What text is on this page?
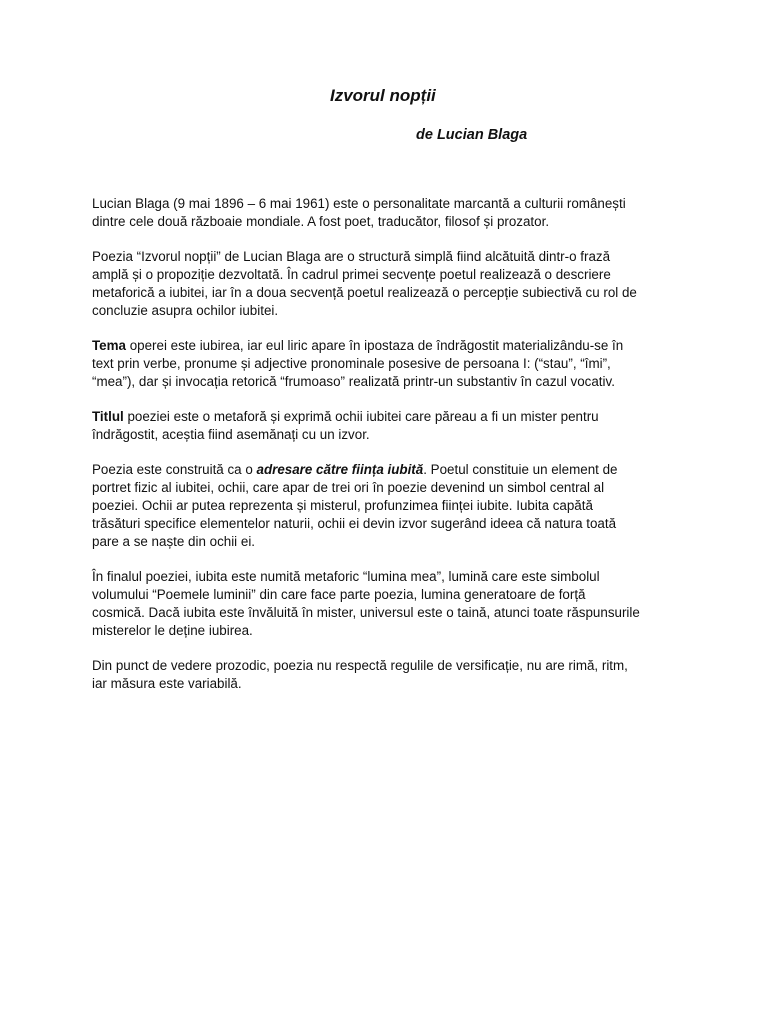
Izvorul nopții
de Lucian Blaga

Lucian Blaga (9 mai 1896 – 6 mai 1961) este o personalitate marcantă a culturii românești
dintre cele două războaie mondiale. A fost poet, traducător, filosof și prozator.

Poezia “Izvorul nopții” de Lucian Blaga are o structură simplă fiind alcătuită dintr-o frază
amplă și o propoziție dezvoltată. În cadrul primei secvențe poetul realizează o descriere
metaforică a iubitei, iar în a doua secvență poetul realizează o percepție subiectivă cu rol de
concluzie asupra ochilor iubitei.

Tema operei este iubirea, iar eul liric apare în ipostaza de îndrăgostit materializându-se în
text prin verbe, pronume și adjective pronominale posesive de persoana I: (“stau”, “îmi”,
“mea”), dar și invocația retorică “frumoaso” realizată printr-un substantiv în cazul vocativ.

Titlul poeziei este o metaforă și exprimă ochii iubitei care păreau a fi un mister pentru
îndrăgostit, aceștia fiind asemănați cu un izvor.

Poezia este construită ca o adresare către ființa iubită. Poetul constituie un element de
portret fizic al iubitei, ochii, care apar de trei ori în poezie devenind un simbol central al
poeziei. Ochii ar putea reprezenta și misterul, profunzimea ființei iubite. Iubita capătă
trăsături specifice elementelor naturii, ochii ei devin izvor sugerând ideea că natura toată
pare a se naște din ochii ei.

În finalul poeziei, iubita este numită metaforic “lumina mea”, lumină care este simbolul
volumului “Poemele luminii” din care face parte poezia, lumina generatoare de forță
cosmică. Dacă iubita este învăluită în mister, universul este o taină, atunci toate răspunsurile
misterelor le deține iubirea.

Din punct de vedere prozodic, poezia nu respectă regulile de versificație, nu are rimă, ritm,
iar măsura este variabilă.
